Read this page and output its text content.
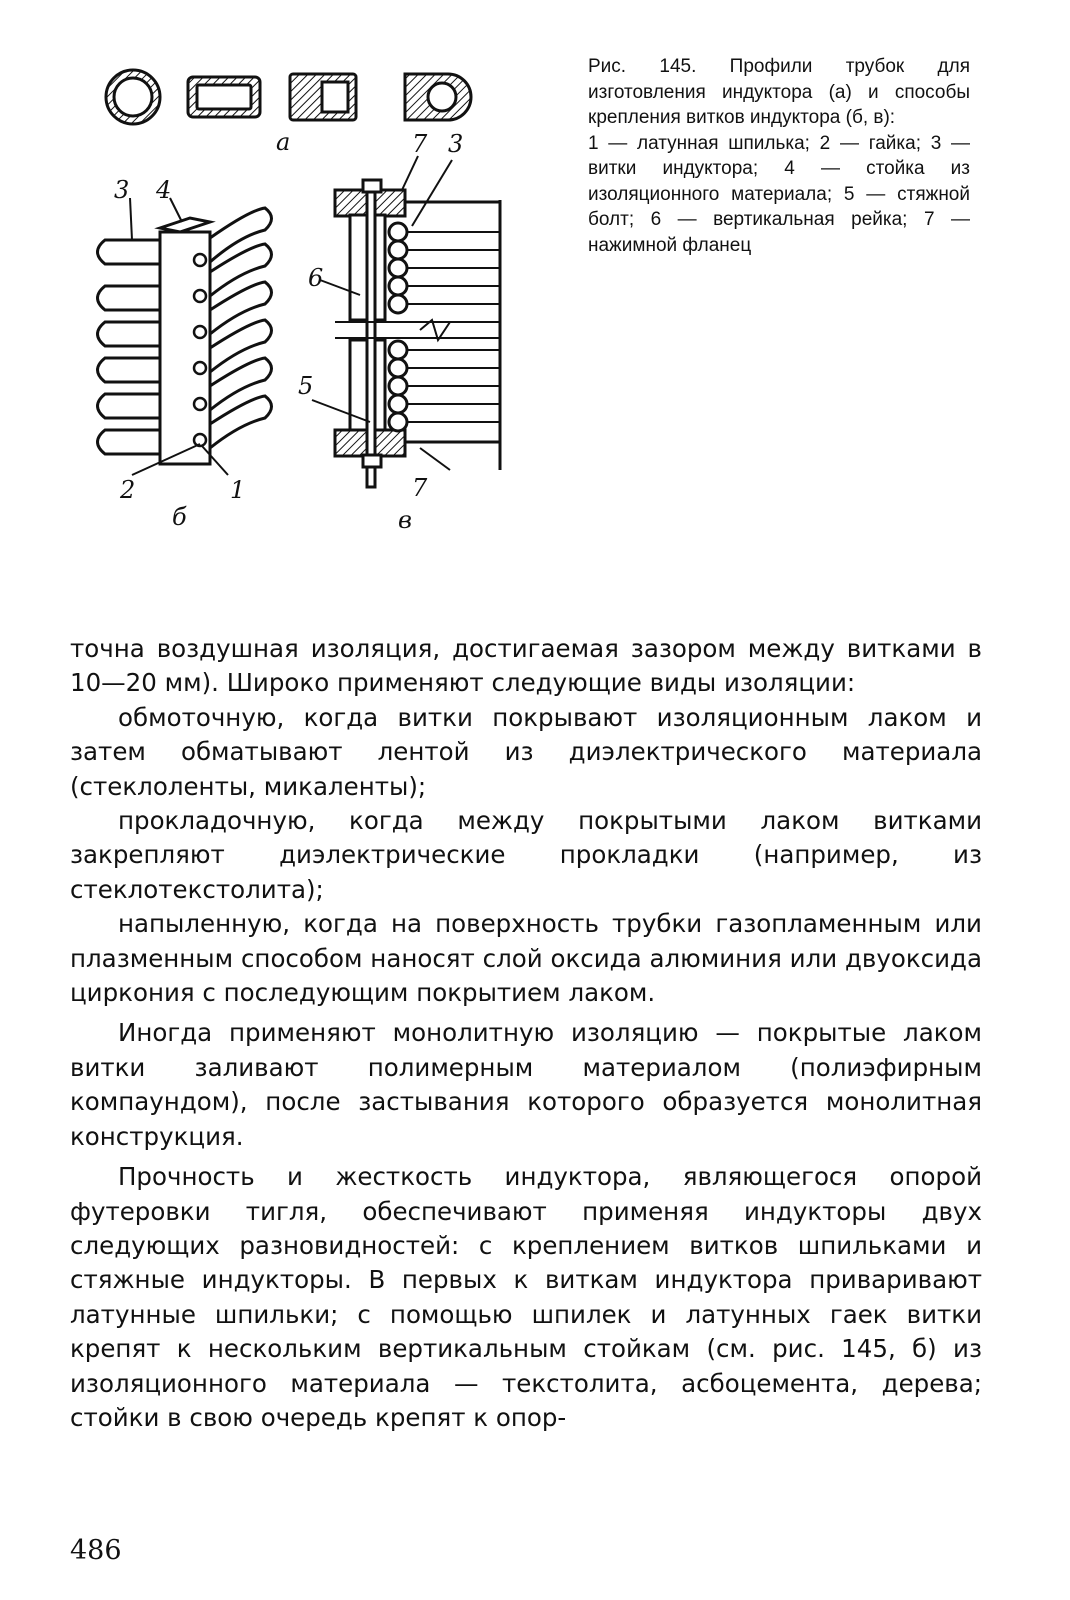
а
3 4
2	1
б
7 3
6
5
7
в

Рис. 145. Профили трубок для изготовления индуктора (а) и способы крепления витков индуктора (б, в):

1 — латунная шпилька; 2 — гайка; 3 — витки индуктора; 4 — стойка из изоляционного материала; 5 — стяжной болт; 6 — вертикальная рейка; 7 — нажимной фланец

точна воздушная изоляция, достигаемая зазором между витками в 10—20 мм). Широко применяют следующие виды изоляции:

обмоточную, когда витки покрывают изоляционным лаком и затем обматывают лентой из диэлектрического материала (стеклоленты, микаленты);

прокладочную, когда между покрытыми лаком витками закрепляют диэлектрические прокладки (например, из стеклотекстолита);

напыленную, когда на поверхность трубки газопламенным или плазменным способом наносят слой оксида алюминия или двуоксида циркония с последующим покрытием лаком.

Иногда применяют монолитную изоляцию — покрытые лаком витки заливают полимерным материалом (полиэфирным компаундом), после застывания которого образуется монолитная конструкция.

Прочность и жесткость индуктора, являющегося опорой футеровки тигля, обеспечивают применяя индукторы двух следующих разновидностей: с креплением витков шпильками и стяжные индукторы. В первых к виткам индуктора приваривают латунные шпильки; с помощью шпилек и латунных гаек витки крепят к нескольким вертикальным стойкам (см. рис. 145, б) из изоляционного материала — текстолита, асбоцемента, дерева; стойки в свою очередь крепят к опор-

486
